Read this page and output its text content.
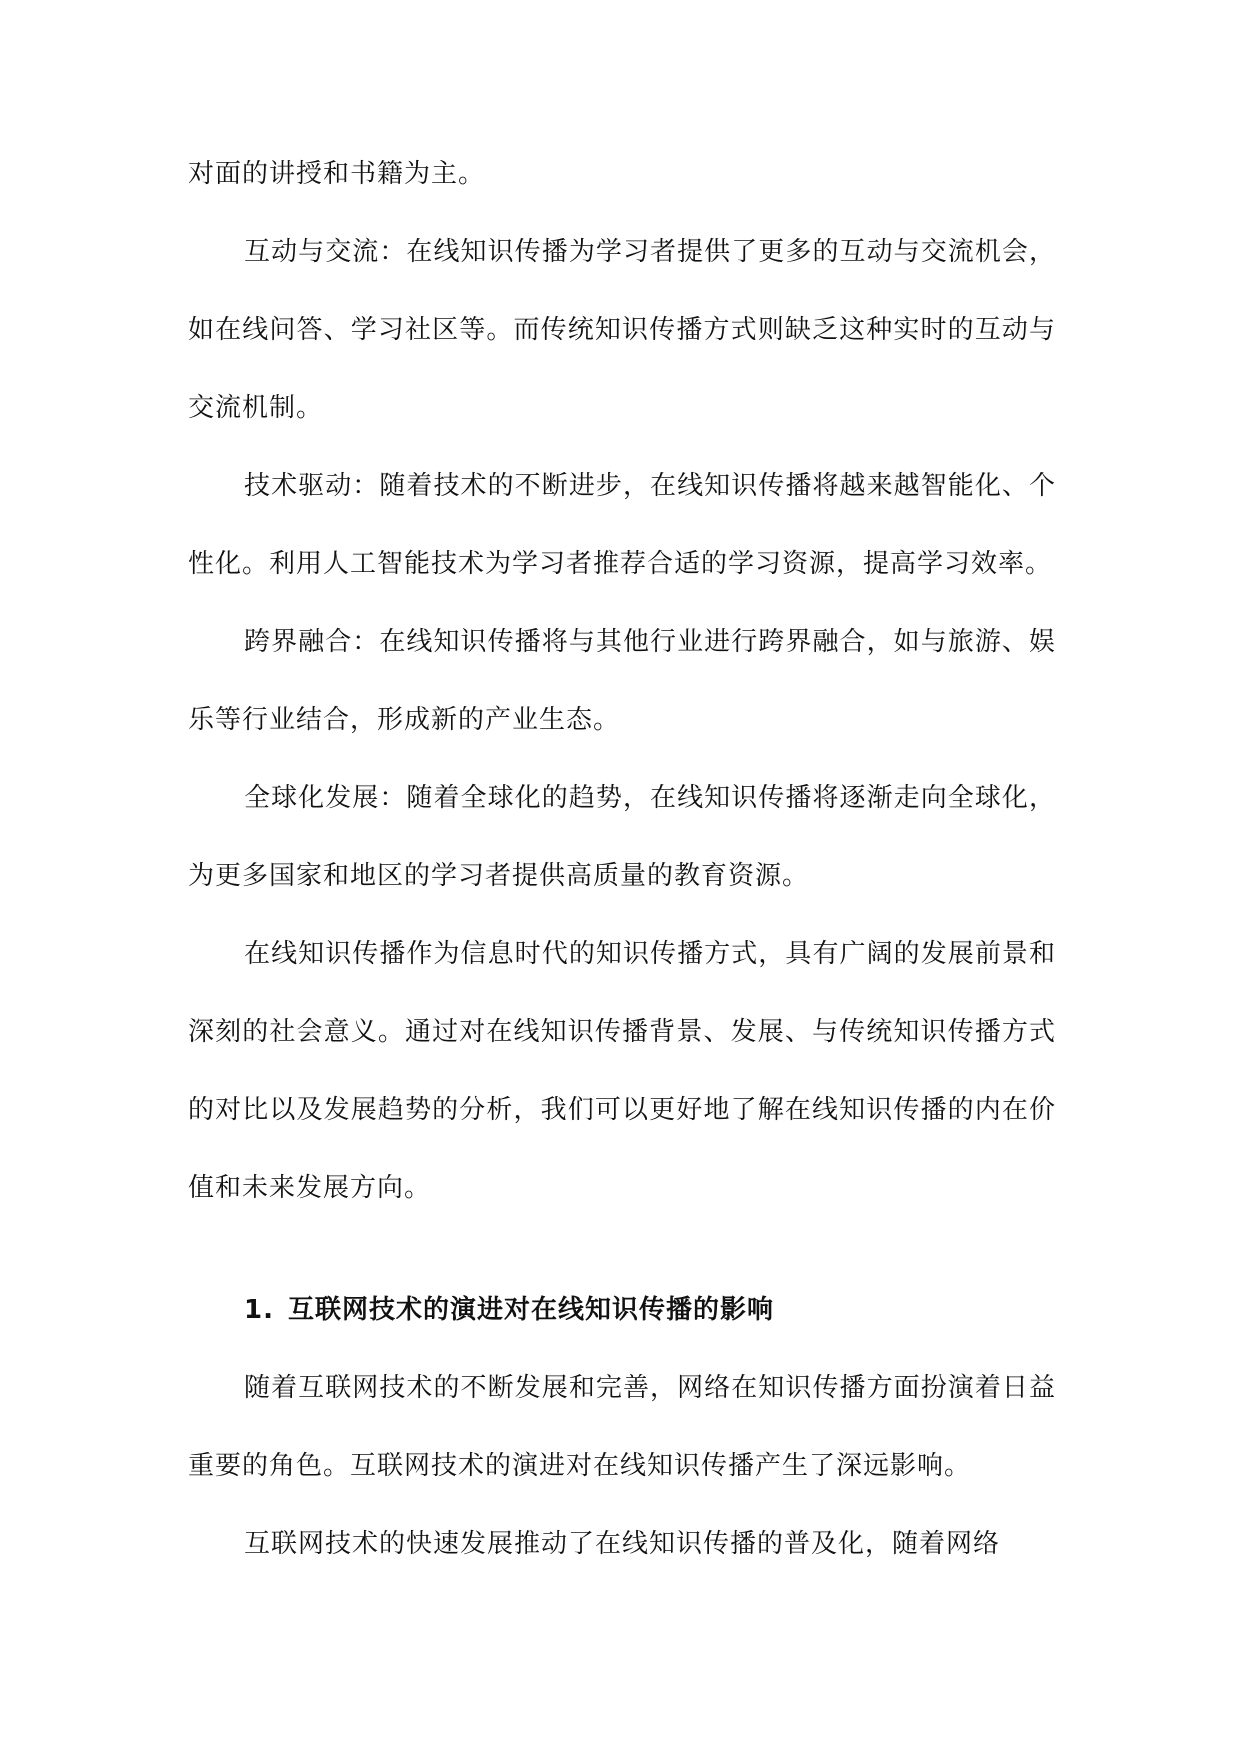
对面的讲授和书籍为主。

互动与交流：在线知识传播为学习者提供了更多的互动与交流机会，如在线问答、学习社区等。而传统知识传播方式则缺乏这种实时的互动与交流机制。

技术驱动：随着技术的不断进步，在线知识传播将越来越智能化、个性化。利用人工智能技术为学习者推荐合适的学习资源，提高学习效率。

跨界融合：在线知识传播将与其他行业进行跨界融合，如与旅游、娱乐等行业结合，形成新的产业生态。

全球化发展：随着全球化的趋势，在线知识传播将逐渐走向全球化，为更多国家和地区的学习者提供高质量的教育资源。

在线知识传播作为信息时代的知识传播方式，具有广阔的发展前景和深刻的社会意义。通过对在线知识传播背景、发展、与传统知识传播方式的对比以及发展趋势的分析，我们可以更好地了解在线知识传播的内在价值和未来发展方向。

1. 互联网技术的演进对在线知识传播的影响

随着互联网技术的不断发展和完善，网络在知识传播方面扮演着日益重要的角色。互联网技术的演进对在线知识传播产生了深远影响。

互联网技术的快速发展推动了在线知识传播的普及化，随着网络
